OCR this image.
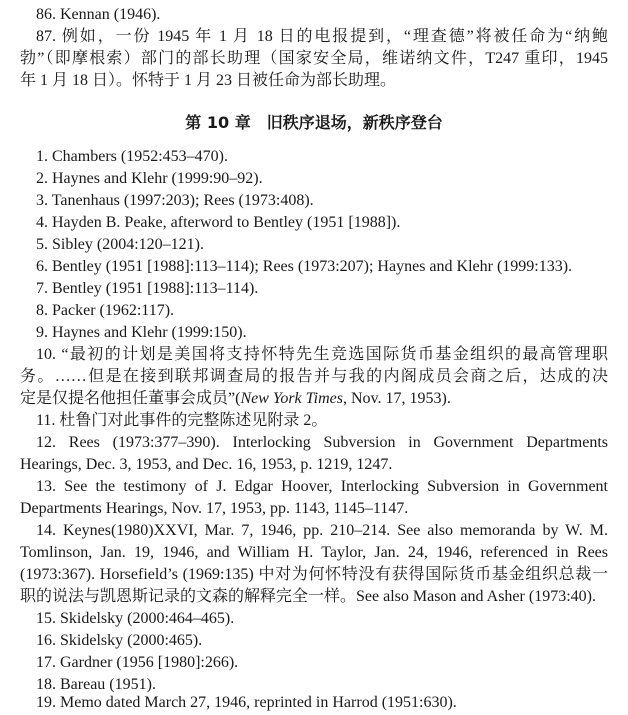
86. Kennan (1946).
87. 例如，一份 1945 年 1 月 18 日的电报提到，“理查德”将被任命为“纳鲍
勃”（即摩根索）部门的部长助理（国家安全局，维诺纳文件，T247 重印，1945
年 1 月 18 日）。怀特于 1 月 23 日被任命为部长助理。
第 10 章　旧秩序退场，新秩序登台
1. Chambers (1952:453–470).
2. Haynes and Klehr (1999:90–92).
3. Tanenhaus (1997:203); Rees (1973:408).
4. Hayden B. Peake, afterword to Bentley (1951 [1988]).
5. Sibley (2004:120–121).
6. Bentley (1951 [1988]:113–114); Rees (1973:207); Haynes and Klehr (1999:133).
7. Bentley (1951 [1988]:113–114).
8. Packer (1962:117).
9. Haynes and Klehr (1999:150).
10. “最初的计划是美国将支持怀特先生竞选国际货币基金组织的最高管理职
务。……但是在接到联邦调查局的报告并与我的内阁成员会商之后，达成的决
定是仅提名他担任董事会成员”(New York Times, Nov. 17, 1953).
11. 杜鲁门对此事件的完整陈述见附录 2。
12. Rees (1973:377–390). Interlocking Subversion in Government Departments
Hearings, Dec. 3, 1953, and Dec. 16, 1953, p. 1219, 1247.
13. See the testimony of J. Edgar Hoover, Interlocking Subversion in Government
Departments Hearings, Nov. 17, 1953, pp. 1143, 1145–1147.
14. Keynes(1980)XXVI, Mar. 7, 1946, pp. 210–214. See also memoranda by W. M.
Tomlinson, Jan. 19, 1946, and William H. Taylor, Jan. 24, 1946, referenced in Rees
(1973:367). Horsefield’s (1969:135) 中对为何怀特没有获得国际货币基金组织总裁一
职的说法与凯恩斯记录的文森的解释完全一样。See also Mason and Asher (1973:40).
15. Skidelsky (2000:464–465).
16. Skidelsky (2000:465).
17. Gardner (1956 [1980]:266).
18. Bareau (1951).
19. Memo dated March 27, 1946, reprinted in Harrod (1951:630).
